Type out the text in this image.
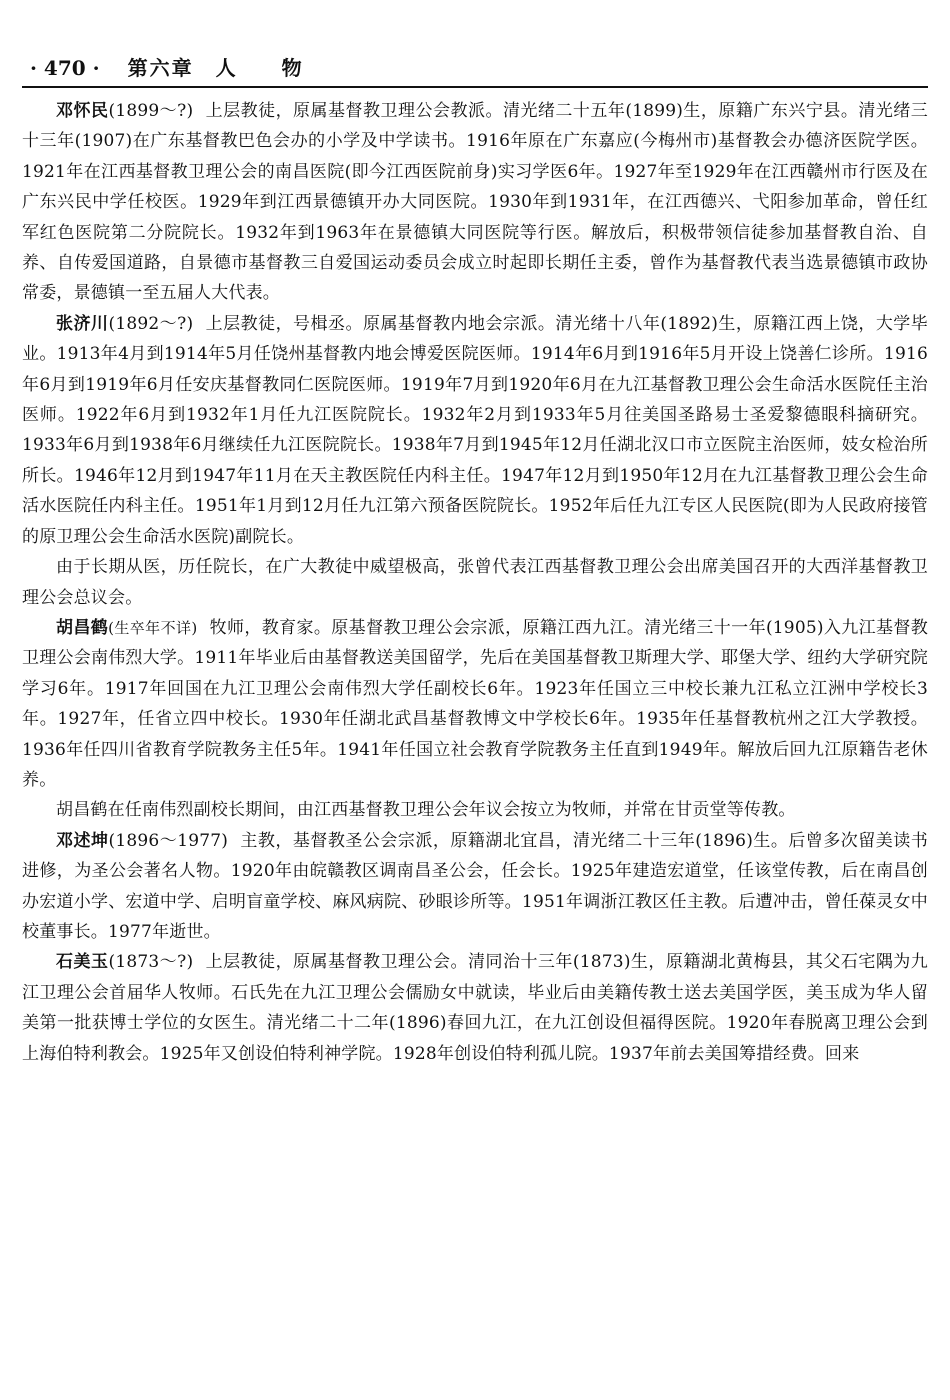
· 470 · 第六章　人　　物

邓怀民(1899～?) 上层教徒，原属基督教卫理公会教派。清光绪二十五年(1899)生，原籍广东兴宁县。清光绪三十三年(1907)在广东基督教巴色会办的小学及中学读书。1916年原在广东嘉应(今梅州市)基督教会办德济医院学医。1921年在江西基督教卫理公会的南昌医院(即今江西医院前身)实习学医6年。1927年至1929年在江西赣州市行医及在广东兴民中学任校医。1929年到江西景德镇开办大同医院。1930年到1931年，在江西德兴、弋阳参加革命，曾任红军红色医院第二分院院长。1932年到1963年在景德镇大同医院等行医。解放后，积极带领信徒参加基督教自治、自养、自传爱国道路，自景德市基督教三自爱国运动委员会成立时起即长期任主委，曾作为基督教代表当选景德镇市政协常委，景德镇一至五届人大代表。

张济川(1892～?) 上层教徒，号楫丞。原属基督教内地会宗派。清光绪十八年(1892)生，原籍江西上饶，大学毕业。1913年4月到1914年5月任饶州基督教内地会博爱医院医师。1914年6月到1916年5月开设上饶善仁诊所。1916年6月到1919年6月任安庆基督教同仁医院医师。1919年7月到1920年6月在九江基督教卫理公会生命活水医院任主治医师。1922年6月到1932年1月任九江医院院长。1932年2月到1933年5月往美国圣路易士圣爱黎德眼科摘研究。1933年6月到1938年6月继续任九江医院院长。1938年7月到1945年12月任湖北汉口市立医院主治医师，妓女检治所所长。1946年12月到1947年11月在天主教医院任内科主任。1947年12月到1950年12月在九江基督教卫理公会生命活水医院任内科主任。1951年1月到12月任九江第六预备医院院长。1952年后任九江专区人民医院(即为人民政府接管的原卫理公会生命活水医院)副院长。

由于长期从医，历任院长，在广大教徒中威望极高，张曾代表江西基督教卫理公会出席美国召开的大西洋基督教卫理公会总议会。

胡昌鹤(生卒年不详) 牧师，教育家。原基督教卫理公会宗派，原籍江西九江。清光绪三十一年(1905)入九江基督教卫理公会南伟烈大学。1911年毕业后由基督教送美国留学，先后在美国基督教卫斯理大学、耶堡大学、纽约大学研究院学习6年。1917年回国在九江卫理公会南伟烈大学任副校长6年。1923年任国立三中校长兼九江私立江洲中学校长3年。1927年，任省立四中校长。1930年任湖北武昌基督教博文中学校长6年。1935年任基督教杭州之江大学教授。1936年任四川省教育学院教务主任5年。1941年任国立社会教育学院教务主任直到1949年。解放后回九江原籍告老休养。

胡昌鹤在任南伟烈副校长期间，由江西基督教卫理公会年议会按立为牧师，并常在甘贡堂等传教。

邓述坤(1896～1977) 主教，基督教圣公会宗派，原籍湖北宜昌，清光绪二十三年(1896)生。后曾多次留美读书进修，为圣公会著名人物。1920年由皖赣教区调南昌圣公会，任会长。1925年建造宏道堂，任该堂传教，后在南昌创办宏道小学、宏道中学、启明盲童学校、麻风病院、砂眼诊所等。1951年调浙江教区任主教。后遭冲击，曾任葆灵女中校董事长。1977年逝世。

石美玉(1873～?) 上层教徒，原属基督教卫理公会。清同治十三年(1873)生，原籍湖北黄梅县，其父石宅隅为九江卫理公会首届华人牧师。石氏先在九江卫理公会儒励女中就读，毕业后由美籍传教士送去美国学医，美玉成为华人留美第一批获博士学位的女医生。清光绪二十二年(1896)春回九江，在九江创设但福得医院。1920年春脱离卫理公会到上海伯特利教会。1925年又创设伯特利神学院。1928年创设伯特利孤儿院。1937年前去美国筹措经费。回来
